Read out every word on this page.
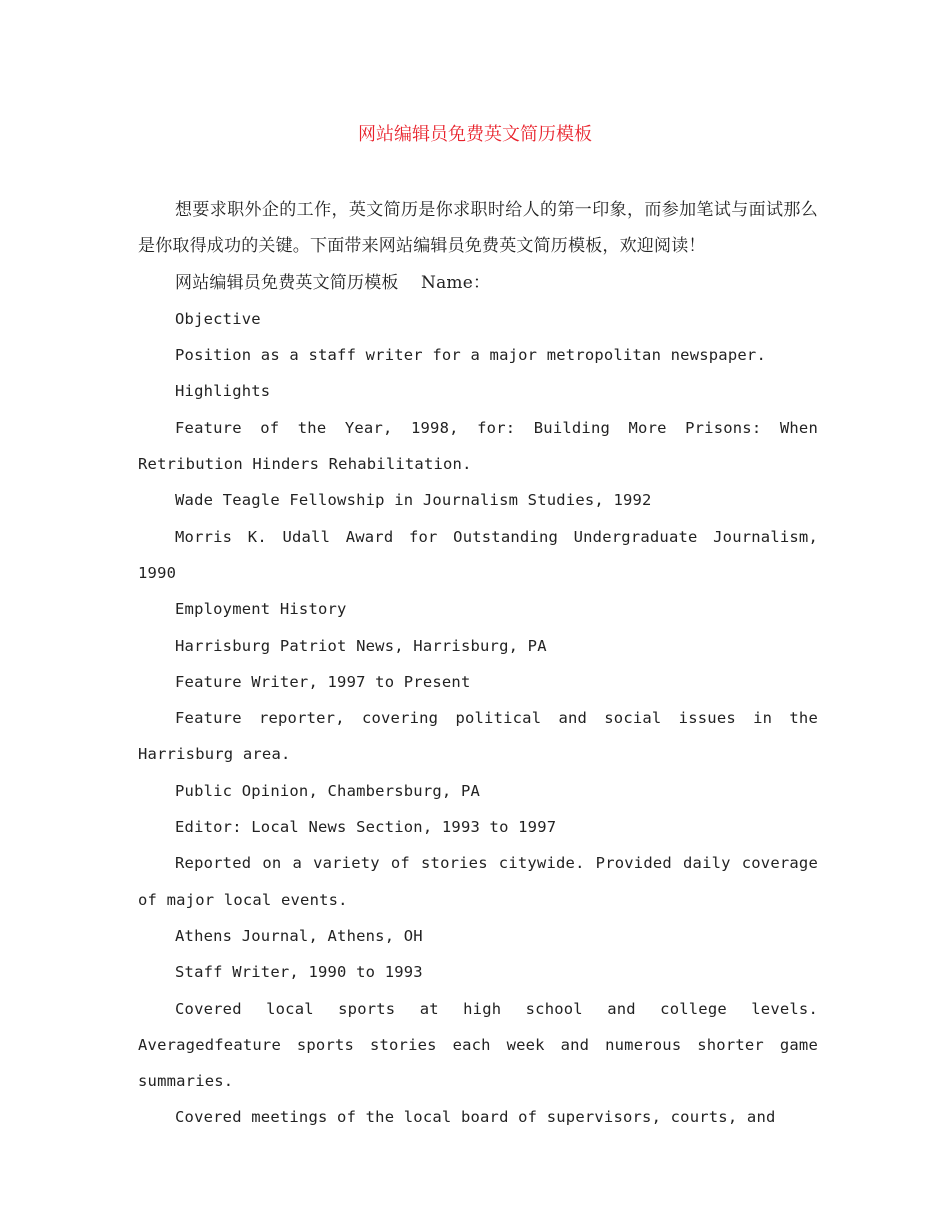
网站编辑员免费英文简历模板

想要求职外企的工作，英文简历是你求职时给人的第一印象，而参加笔试与面试那么是你取得成功的关键。下面带来网站编辑员免费英文简历模板，欢迎阅读！

网站编辑员免费英文简历模板    Name：

Objective

Position as a staff writer for a major metropolitan newspaper.

Highlights

Feature of the Year, 1998, for: Building More Prisons: When Retribution Hinders Rehabilitation.

Wade Teagle Fellowship in Journalism Studies, 1992

Morris K. Udall Award for Outstanding Undergraduate Journalism, 1990

Employment History

Harrisburg Patriot News, Harrisburg, PA

Feature Writer, 1997 to Present

Feature reporter, covering political and social issues in the Harrisburg area.

Public Opinion, Chambersburg, PA

Editor: Local News Section, 1993 to 1997

Reported on a variety of stories citywide. Provided daily coverage of major local events.

Athens Journal, Athens, OH

Staff Writer, 1990 to 1993

Covered local sports at high school and college levels. Averagedfeature sports stories each week and numerous shorter game summaries.

Covered meetings of the local board of supervisors, courts, and
